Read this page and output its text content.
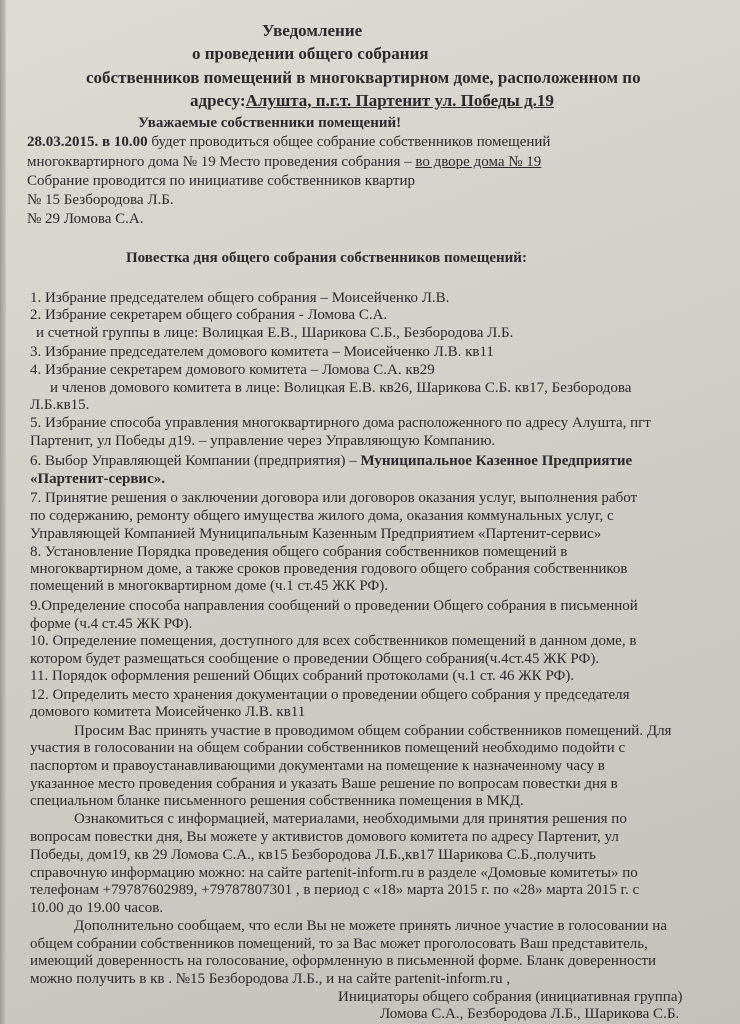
Уведомление
о проведении общего собрания
собственников помещений в многоквартирном доме, расположенном по
адресу:Алушта, п.г.т. Партенит ул. Победы д.19
Уважаемые собственники помещений!
28.03.2015. в 10.00 будет проводиться общее собрание собственников помещений
многоквартирного дома № 19 Место проведения собрания – во дворе дома № 19
Собрание проводится по инициативе собственников квартир
№ 15 Безбородова Л.Б.
№ 29 Ломова С.А.
Повестка дня общего собрания собственников помещений:
1. Избрание председателем общего собрания – Моисейченко Л.В.
2. Избрание секретарем общего собрания - Ломова С.А.
и счетной группы в лице: Волицкая Е.В., Шарикова С.Б., Безбородова Л.Б.
3. Избрание председателем домового комитета – Моисейченко Л.В. кв11
4. Избрание секретарем домового комитета – Ломова С.А. кв29
и членов домового комитета в лице: Волицкая Е.В. кв26, Шарикова С.Б. кв17, Безбородова
Л.Б.кв15.
5. Избрание способа управления многоквартирного дома расположенного по адресу Алушта, пгт
Партенит, ул Победы д19. – управление через Управляющую Компанию.
6. Выбор Управляющей Компании (предприятия) – Муниципальное Казенное Предприятие
«Партенит-сервис».
7. Принятие решения о заключении договора или договоров оказания услуг, выполнения работ
по содержанию, ремонту общего имущества жилого дома, оказания коммунальных услуг, с
Управляющей Компанией Муниципальным Казенным Предприятием «Партенит-сервис»
8. Установление Порядка проведения общего собрания собственников помещений в
многоквартирном доме, а также сроков проведения годового общего собрания собственников
помещений в многоквартирном доме (ч.1 ст.45 ЖК РФ).
9.Определение способа направления сообщений о проведении Общего собрания в письменной
форме (ч.4 ст.45 ЖК РФ).
10. Определение помещения, доступного для всех собственников помещений в данном доме, в
котором будет размещаться сообщение о проведении Общего собрания(ч.4ст.45 ЖК РФ).
11. Порядок оформления решений Общих собраний протоколами (ч.1 ст. 46 ЖК РФ).
12. Определить место хранения документации о проведении общего собрания у председателя
домового комитета Моисейченко Л.В. кв11
Просим Вас принять участие в проводимом общем собрании собственников помещений. Для
участия в голосовании на общем собрании собственников помещений необходимо подойти с
паспортом и правоустанавливающими документами на помещение к назначенному часу в
указанное место проведения собрания и указать Ваше решение по вопросам повестки дня в
специальном бланке письменного решения собственника помещения в МКД.
Ознакомиться с информацией, материалами, необходимыми для принятия решения по
вопросам повестки дня, Вы можете у активистов домового комитета по адресу Партенит, ул
Победы, дом19, кв 29 Ломова С.А., кв15 Безбородова Л.Б.,кв17 Шарикова С.Б.,получить
справочную информацию можно: на сайте partenit-inform.ru в разделе «Домовые комитеты» по
телефонам +79787602989, +79787807301 , в период с «18» марта 2015 г. по «28» марта 2015 г. с
10.00 до 19.00 часов.
Дополнительно сообщаем, что если Вы не можете принять личное участие в голосовании на
общем собрании собственников помещений, то за Вас может проголосовать Ваш представитель,
имеющий доверенность на голосование, оформленную в письменной форме. Бланк доверенности
можно получить в кв . №15 Безбородова Л.Б., и на сайте partenit-inform.ru ,
Инициаторы общего собрания (инициативная группа)
Ломова С.А., Безбородова Л.Б., Шарикова С.Б.
